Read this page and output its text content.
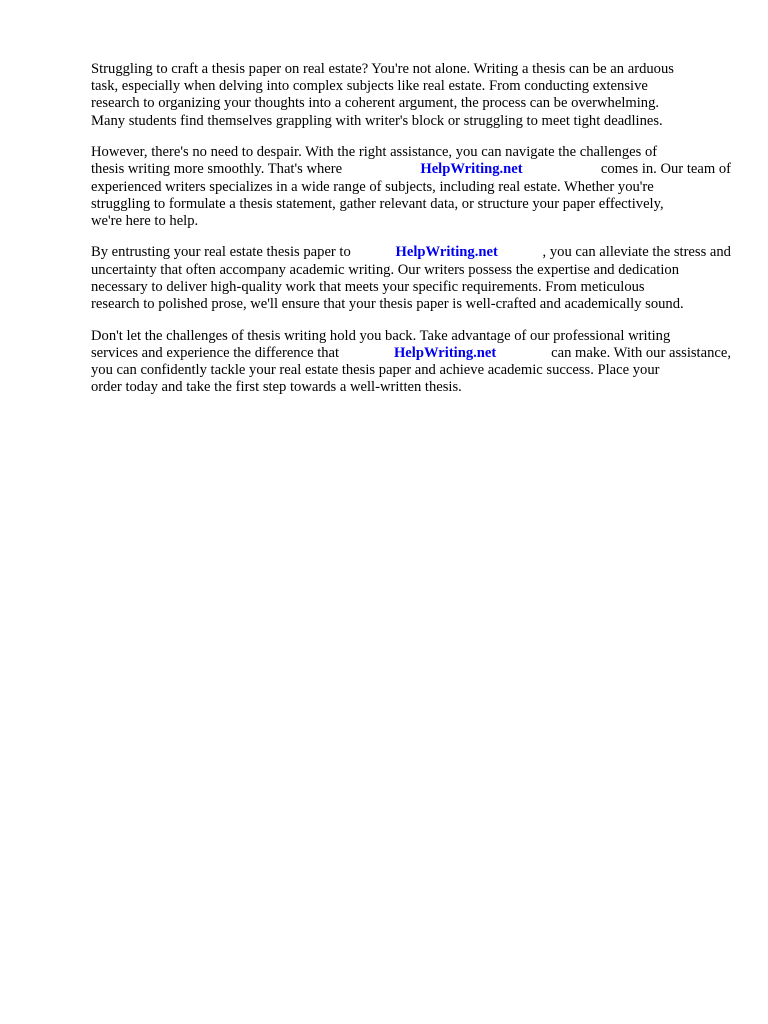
Struggling to craft a thesis paper on real estate? You're not alone. Writing a thesis can be an arduous
task, especially when delving into complex subjects like real estate. From conducting extensive
research to organizing your thoughts into a coherent argument, the process can be overwhelming.
Many students find themselves grappling with writer's block or struggling to meet tight deadlines.
However, there's no need to despair. With the right assistance, you can navigate the challenges of
thesis writing more smoothly. That's where	HelpWriting.net	comes in. Our team of
experienced writers specializes in a wide range of subjects, including real estate. Whether you're
struggling to formulate a thesis statement, gather relevant data, or structure your paper effectively,
we're here to help.
By entrusting your real estate thesis paper to	HelpWriting.net	, you can alleviate the stress and
uncertainty that often accompany academic writing. Our writers possess the expertise and dedication
necessary to deliver high-quality work that meets your specific requirements. From meticulous
research to polished prose, we'll ensure that your thesis paper is well-crafted and academically sound.
Don't let the challenges of thesis writing hold you back. Take advantage of our professional writing
services and experience the difference that	HelpWriting.net	can make. With our assistance,
you can confidently tackle your real estate thesis paper and achieve academic success. Place your
order today and take the first step towards a well-written thesis.
